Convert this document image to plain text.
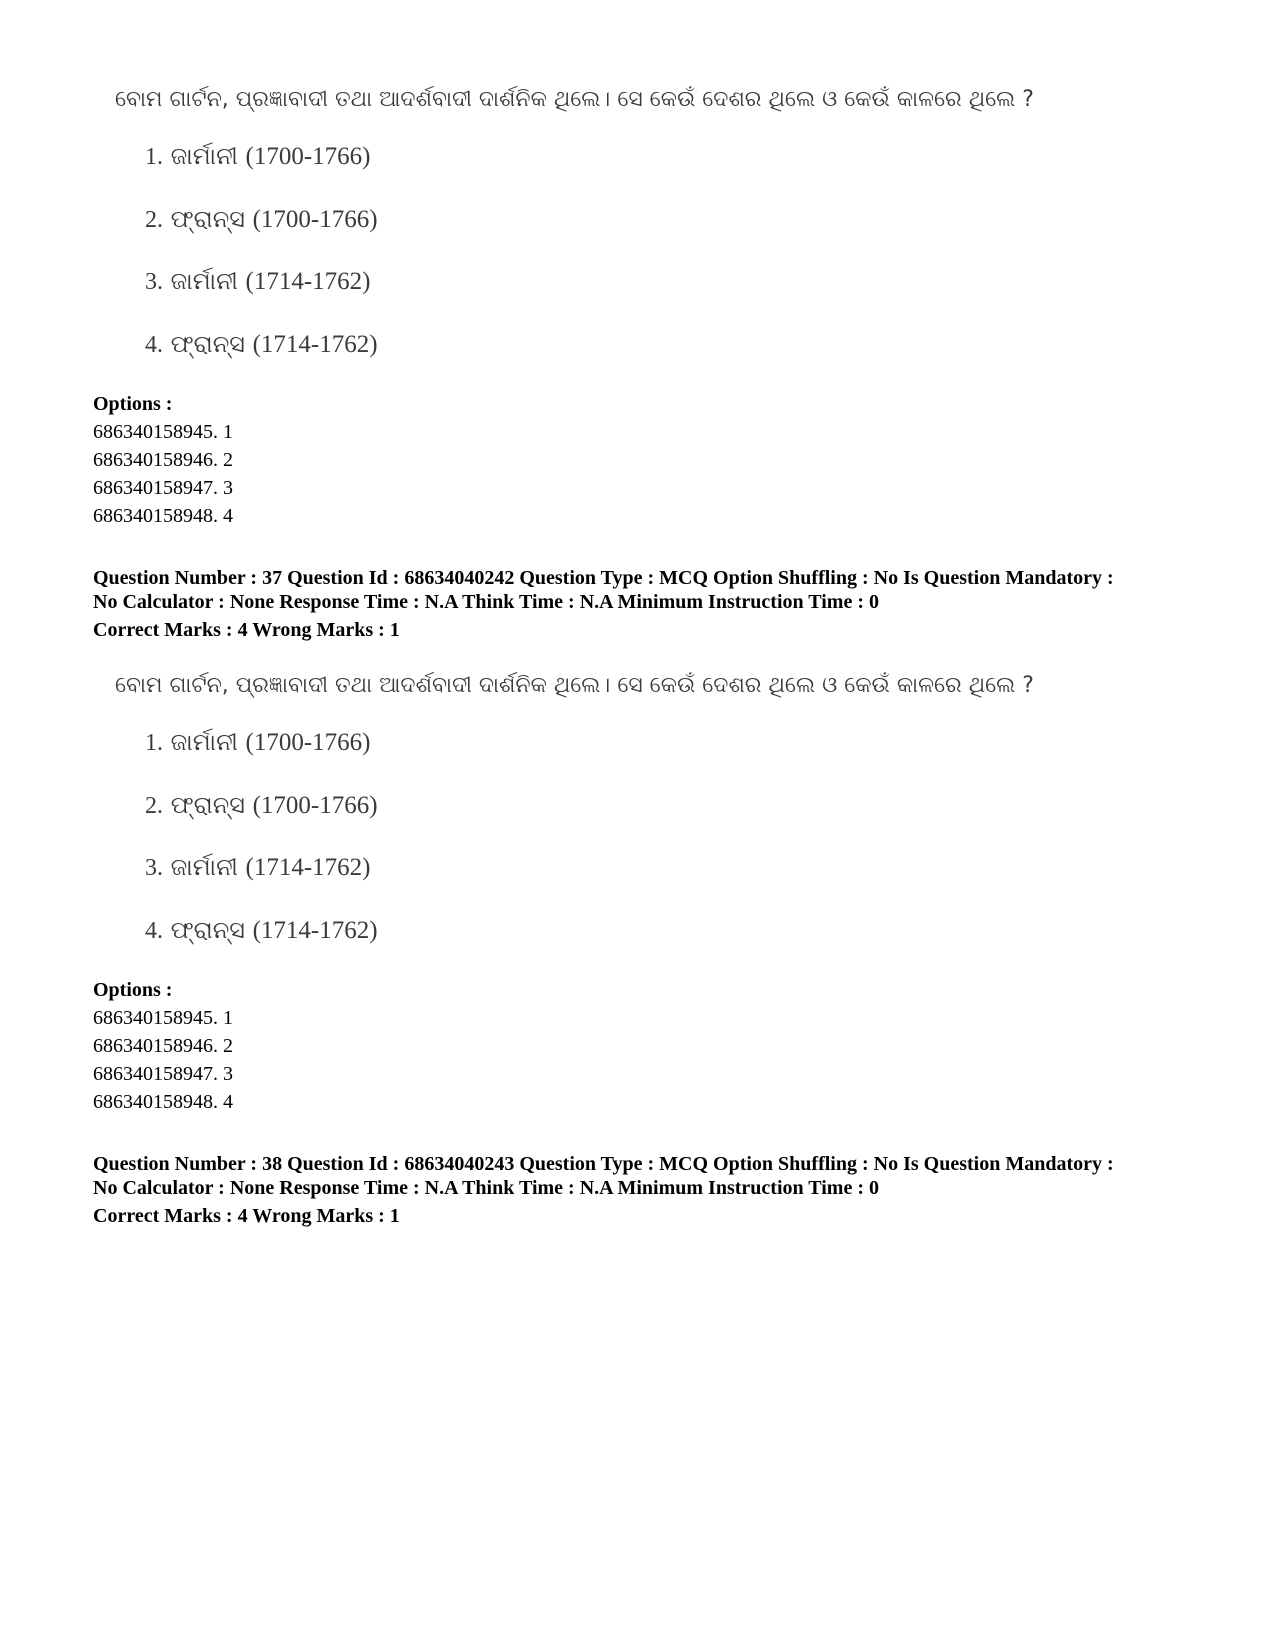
ବୋମ ଗାର୍ଟନ, ପ୍ରଜ୍ଞାବାଦୀ ତଥା ଆଦର୍ଶବାଦୀ ଦାର୍ଶନିକ ଥିଲେ। ସେ କେଉଁ ଦେଶର ଥିଲେ ଓ କେଉଁ କାଳରେ ଥିଲେ ?
1. ଜାର୍ମାନୀ (1700-1766)
2. ଫ୍ରାନ୍ସ (1700-1766)
3. ଜାର୍ମାନୀ (1714-1762)
4. ଫ୍ରାନ୍ସ (1714-1762)
Options :
686340158945. 1
686340158946. 2
686340158947. 3
686340158948. 4
Question Number : 37 Question Id : 68634040242 Question Type : MCQ Option Shuffling : No Is Question Mandatory :
No Calculator : None Response Time : N.A Think Time : N.A Minimum Instruction Time : 0
Correct Marks : 4 Wrong Marks : 1
ବୋମ ଗାର୍ଟନ, ପ୍ରଜ୍ଞାବାଦୀ ତଥା ଆଦର୍ଶବାଦୀ ଦାର୍ଶନିକ ଥିଲେ। ସେ କେଉଁ ଦେଶର ଥିଲେ ଓ କେଉଁ କାଳରେ ଥିଲେ ?
1. ଜାର୍ମାନୀ (1700-1766)
2. ଫ୍ରାନ୍ସ (1700-1766)
3. ଜାର୍ମାନୀ (1714-1762)
4. ଫ୍ରାନ୍ସ (1714-1762)
Options :
686340158945. 1
686340158946. 2
686340158947. 3
686340158948. 4
Question Number : 38 Question Id : 68634040243 Question Type : MCQ Option Shuffling : No Is Question Mandatory :
No Calculator : None Response Time : N.A Think Time : N.A Minimum Instruction Time : 0
Correct Marks : 4 Wrong Marks : 1
